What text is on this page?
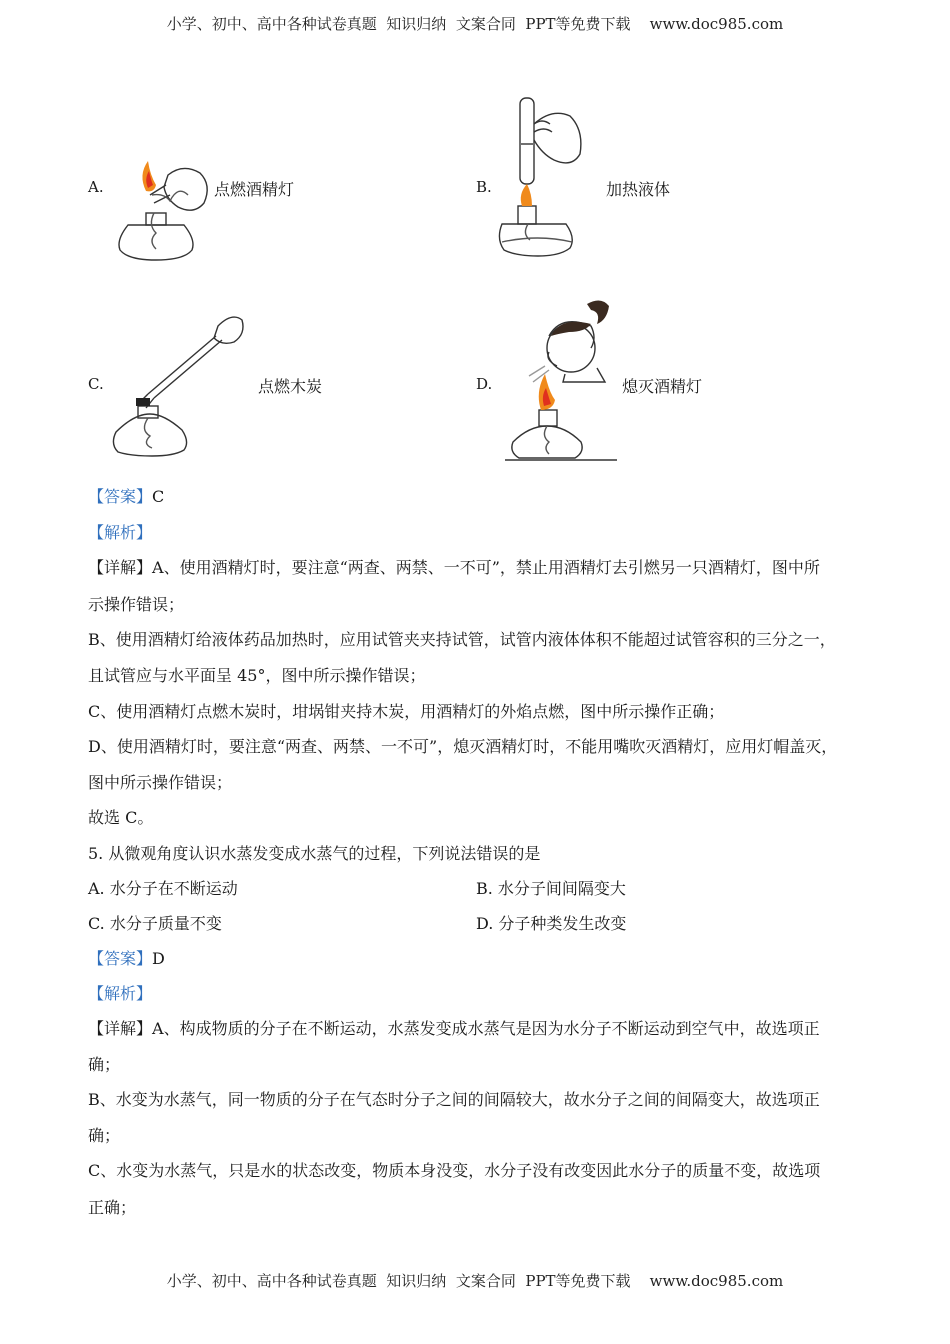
小学、初中、高中各种试卷真题  知识归纳  文案合同  PPT等免费下载 www.doc985.com
A.	点燃酒精灯	B.	加热液体
C.	点燃木炭	D.	熄灭酒精灯
【答案】C
【解析】
【详解】A、使用酒精灯时，要注意“两查、两禁、一不可”，禁止用酒精灯去引燃另一只酒精灯，图中所
示操作错误；
B、使用酒精灯给液体药品加热时，应用试管夹夹持试管，试管内液体体积不能超过试管容积的三分之一，
且试管应与水平面呈 45°，图中所示操作错误；
C、使用酒精灯点燃木炭时，坩埚钳夹持木炭，用酒精灯的外焰点燃，图中所示操作正确；
D、使用酒精灯时，要注意“两查、两禁、一不可”，熄灭酒精灯时，不能用嘴吹灭酒精灯，应用灯帽盖灭，
图中所示操作错误；
故选 C。
5. 从微观角度认识水蒸发变成水蒸气的过程，下列说法错误的是
A. 水分子在不断运动	B. 水分子间间隔变大
C. 水分子质量不变	D. 分子种类发生改变
【答案】D
【解析】
【详解】A、构成物质的分子在不断运动，水蒸发变成水蒸气是因为水分子不断运动到空气中，故选项正
确；
B、水变为水蒸气，同一物质的分子在气态时分子之间的间隔较大，故水分子之间的间隔变大，故选项正
确；
C、水变为水蒸气，只是水的状态改变，物质本身没变，水分子没有改变因此水分子的质量不变，故选项
正确；
小学、初中、高中各种试卷真题  知识归纳  文案合同  PPT等免费下载 www.doc985.com
